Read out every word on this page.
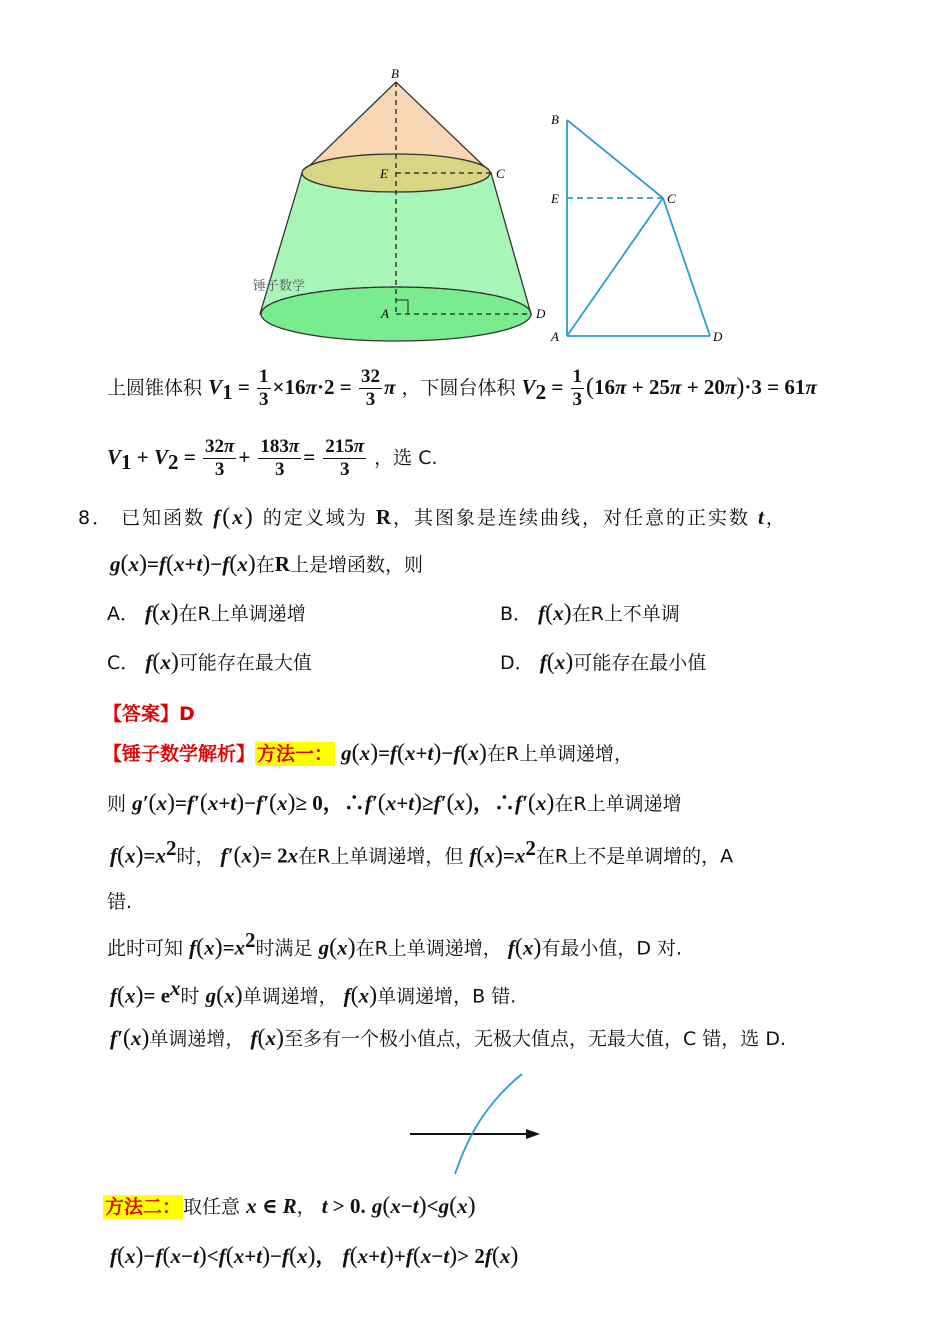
B
E	C
A	D
锤子数学
B
E	C
A	D
上圆锥体积 $V_1 = \frac{1}{3} \times 16\pi\cdot 2 = \frac{32}{3}$ π ，下圆台体积 $V_2 = \frac{1}{3} (16\pi + 25\pi + 20\pi)\cdot 3 = 61\pi$
$V_1 + V_2 = \frac{32\pi}{3} + \frac{183\pi}{3} = \frac{215\pi}{3}$ ，选 C.
8． 已知函数 f(x) 的定义域为 R，其图象是连续曲线，对任意的正实数 t，
g(x)=f(x+t)−f(x)在R上是增函数，则
A． f(x)在R上单调递增	B． f(x)在R上不单调
C． f(x)可能存在最大值	D． f(x)可能存在最小值
【答案】D
【锤子数学解析】 方法一： g(x)=f(x+t)−f(x)在R上单调递增，
则 g′(x)=f′(x+t)−f′(x)≥ 0，∴f′(x+t)≥f′(x)，∴f′(x)在R上单调递增
$f(x)=x^2$时， f′(x)= 2x在R上单调递增，但 $f(x)=x^2$在R上不是单调增的，A
错.
此时可知 $f(x)=x^2$时满足 g(x)在R上单调递增， f(x)有最小值，D 对.
$f(x)= e^x$时 g(x)单调递增， f(x)单调递增，B 错.
f′(x)单调递增， f(x)至多有一个极小值点，无极大值点，无最大值，C 错，选 D.
方法二： 取任意 x ∈ R， t > 0. g(x−t)<g(x)
f(x)−f(x−t)<f(x+t)−f(x)， f(x+t)+f(x−t)> 2f(x)
